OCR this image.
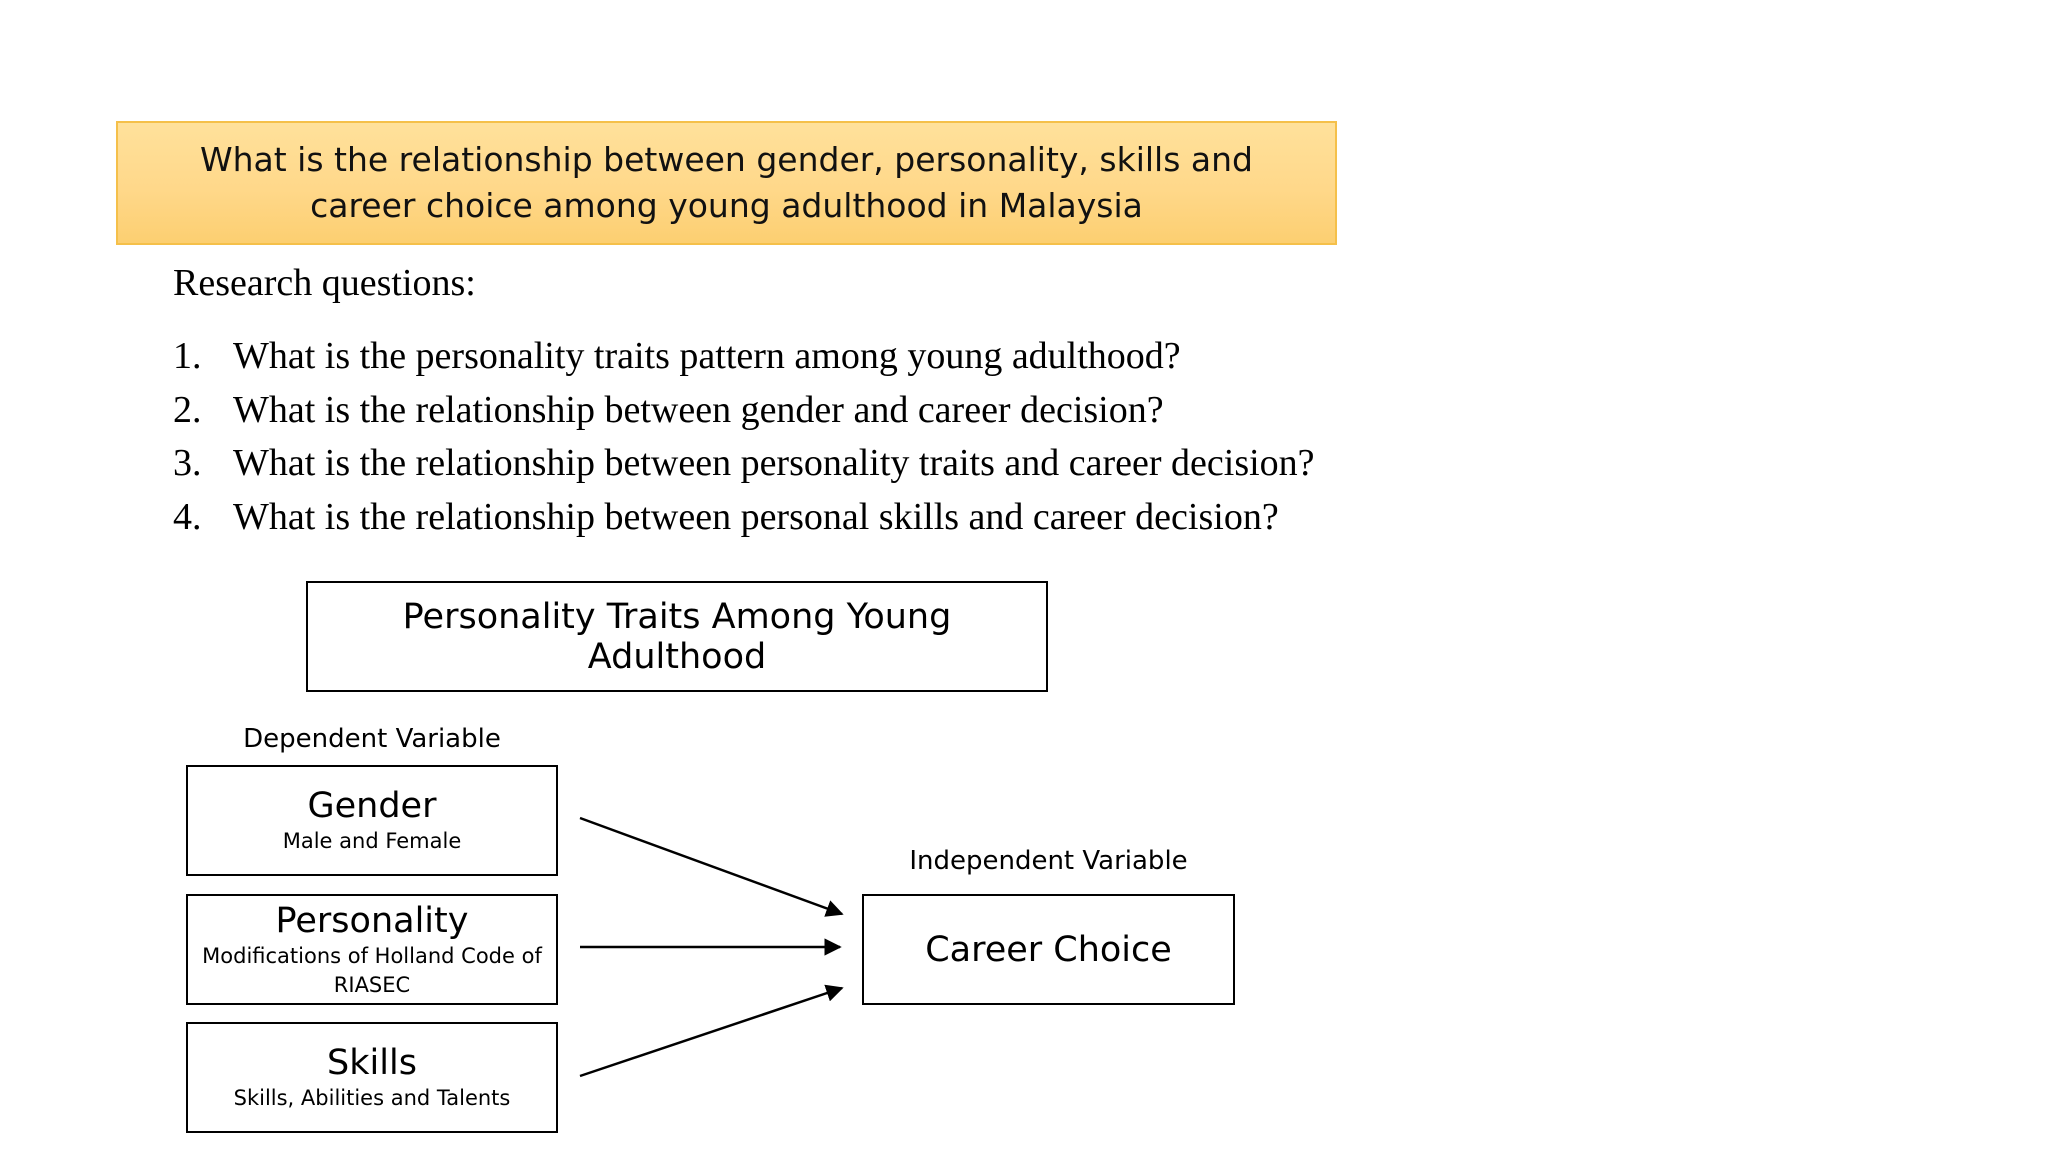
What is the relationship between gender, personality, skills and career choice among young adulthood in Malaysia
Research questions:
1. What is the personality traits pattern among young adulthood?
2. What is the relationship between gender and career decision?
3. What is the relationship between personality traits and career decision?
4. What is the relationship between personal skills and career decision?
Personality Traits Among Young Adulthood
Dependent Variable
Gender
Male and Female
Personality
Modifications of Holland Code of RIASEC
Skills
Skills, Abilities and Talents
Independent Variable
Career Choice
